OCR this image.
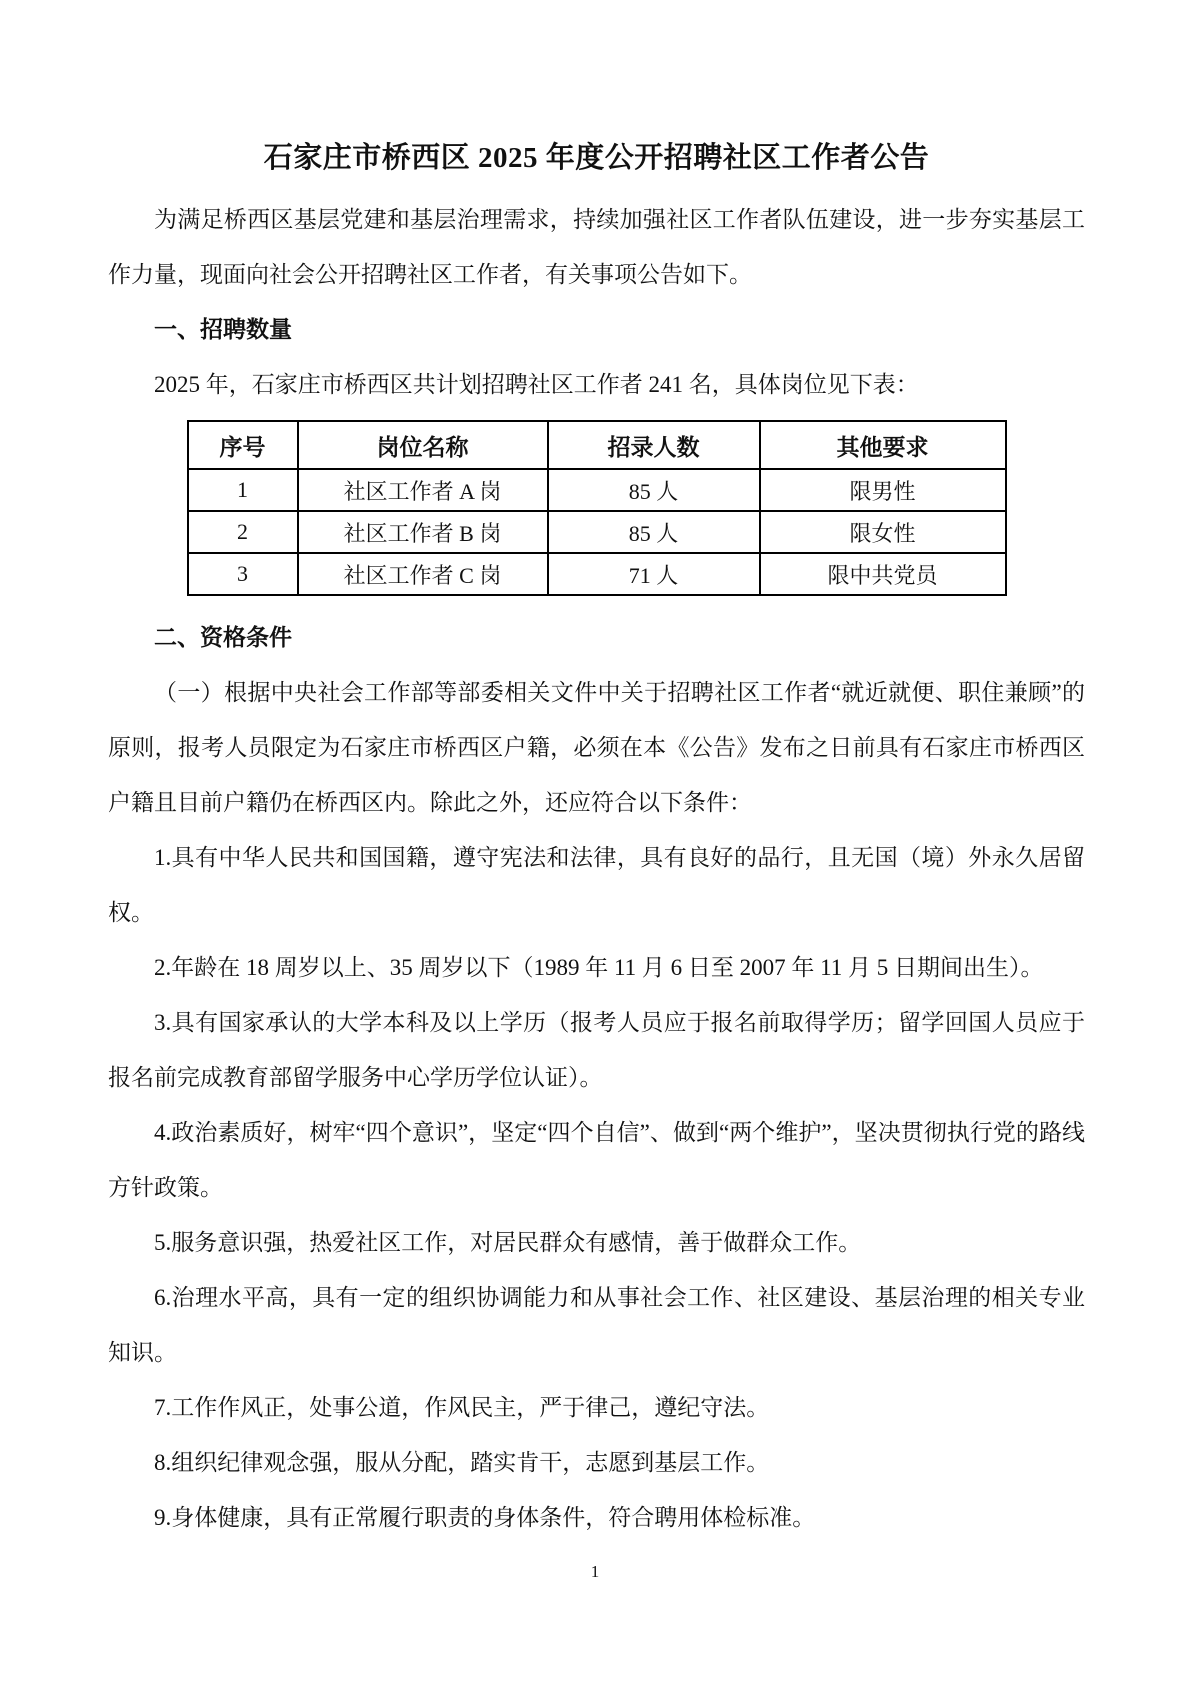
石家庄市桥西区 2025 年度公开招聘社区工作者公告

为满足桥西区基层党建和基层治理需求，持续加强社区工作者队伍建设，进一步夯实基层工作力量，现面向社会公开招聘社区工作者，有关事项公告如下。

一、招聘数量

2025 年，石家庄市桥西区共计划招聘社区工作者 241 名，具体岗位见下表：

序号	岗位名称	招录人数	其他要求
1	社区工作者 A 岗	85 人	限男性
2	社区工作者 B 岗	85 人	限女性
3	社区工作者 C 岗	71 人	限中共党员
二、资格条件

（一）根据中央社会工作部等部委相关文件中关于招聘社区工作者“就近就便、职住兼顾”的原则，报考人员限定为石家庄市桥西区户籍，必须在本《公告》发布之日前具有石家庄市桥西区户籍且目前户籍仍在桥西区内。除此之外，还应符合以下条件：

1.具有中华人民共和国国籍，遵守宪法和法律，具有良好的品行，且无国（境）外永久居留权。

2.年龄在 18 周岁以上、35 周岁以下（1989 年 11 月 6 日至 2007 年 11 月 5 日期间出生）。

3.具有国家承认的大学本科及以上学历（报考人员应于报名前取得学历；留学回国人员应于报名前完成教育部留学服务中心学历学位认证）。

4.政治素质好，树牢“四个意识”，坚定“四个自信”、做到“两个维护”，坚决贯彻执行党的路线方针政策。

5.服务意识强，热爱社区工作，对居民群众有感情，善于做群众工作。

6.治理水平高，具有一定的组织协调能力和从事社会工作、社区建设、基层治理的相关专业知识。

7.工作作风正，处事公道，作风民主，严于律己，遵纪守法。

8.组织纪律观念强，服从分配，踏实肯干，志愿到基层工作。

9.身体健康，具有正常履行职责的身体条件，符合聘用体检标准。

1
